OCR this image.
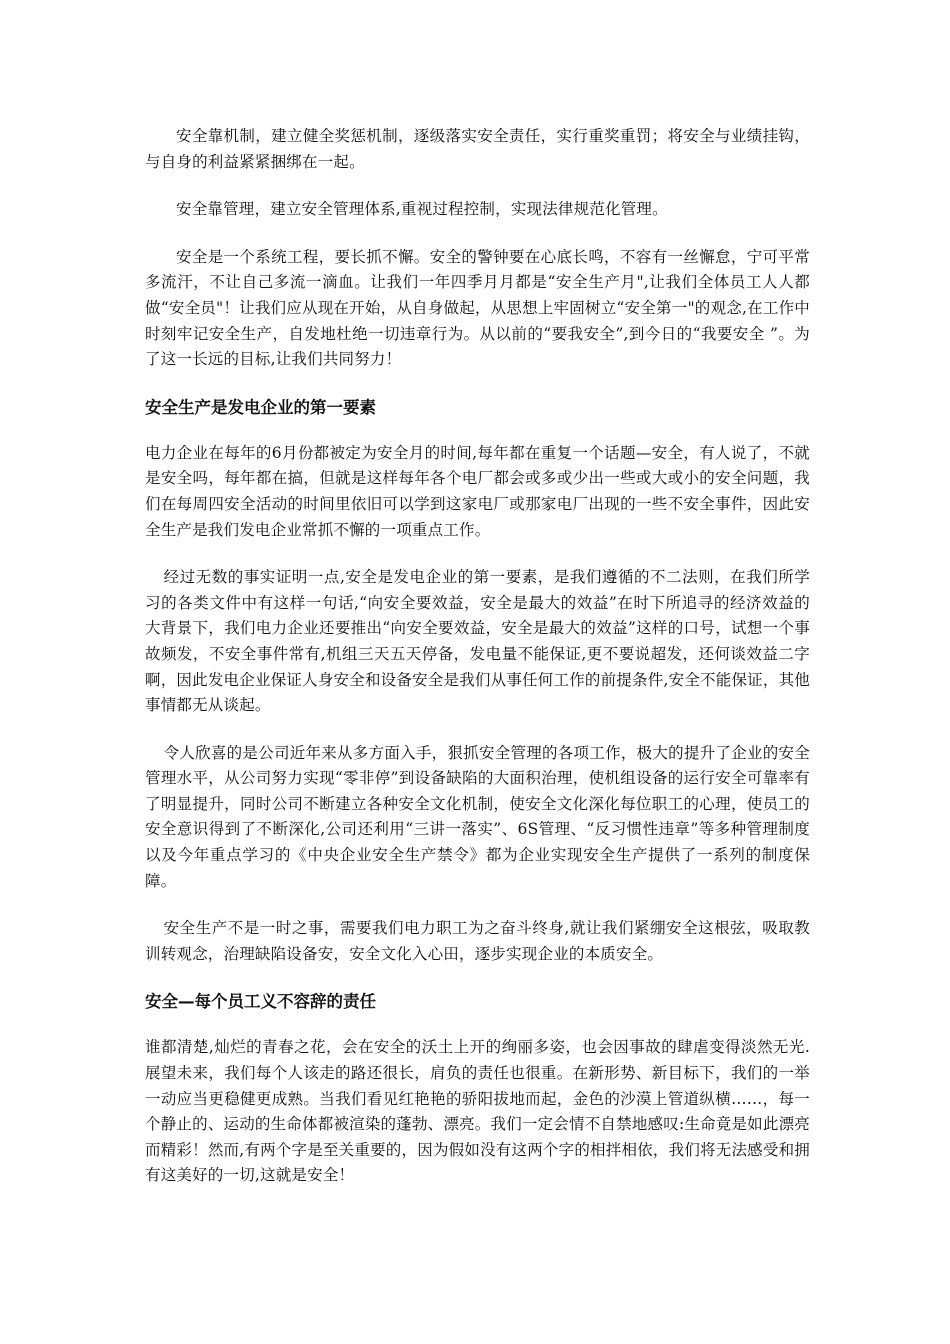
安全靠机制，建立健全奖惩机制，逐级落实安全责任，实行重奖重罚；将安全与业绩挂钩，与自身的利益紧紧捆绑在一起。

安全靠管理，建立安全管理体系,重视过程控制，实现法律规范化管理。

安全是一个系统工程，要长抓不懈。安全的警钟要在心底长鸣，不容有一丝懈怠，宁可平常多流汗，不让自己多流一滴血。让我们一年四季月月都是“安全生产月",让我们全体员工人人都做“安全员"！让我们应从现在开始，从自身做起，从思想上牢固树立“安全第一"的观念,在工作中时刻牢记安全生产，自发地杜绝一切违章行为。从以前的“要我安全”,到今日的“我要安全 ”。为了这一长远的目标,让我们共同努力！

安全生产是发电企业的第一要素

电力企业在每年的6月份都被定为安全月的时间,每年都在重复一个话题—安全，有人说了，不就是安全吗，每年都在搞，但就是这样每年各个电厂都会或多或少出一些或大或小的安全问题，我们在每周四安全活动的时间里依旧可以学到这家电厂或那家电厂出现的一些不安全事件，因此安全生产是我们发电企业常抓不懈的一项重点工作。

经过无数的事实证明一点,安全是发电企业的第一要素，是我们遵循的不二法则，在我们所学习的各类文件中有这样一句话,“向安全要效益，安全是最大的效益”在时下所追寻的经济效益的大背景下，我们电力企业还要推出“向安全要效益，安全是最大的效益”这样的口号，试想一个事故频发，不安全事件常有,机组三天五天停备，发电量不能保证,更不要说超发，还何谈效益二字啊，因此发电企业保证人身安全和设备安全是我们从事任何工作的前提条件,安全不能保证，其他事情都无从谈起。

令人欣喜的是公司近年来从多方面入手，狠抓安全管理的各项工作，极大的提升了企业的安全管理水平，从公司努力实现“零非停”到设备缺陷的大面积治理，使机组设备的运行安全可靠率有了明显提升，同时公司不断建立各种安全文化机制，使安全文化深化每位职工的心理，使员工的安全意识得到了不断深化,公司还利用“三讲一落实”、6S管理、“反习惯性违章”等多种管理制度以及今年重点学习的《中央企业安全生产禁令》都为企业实现安全生产提供了一系列的制度保障。

安全生产不是一时之事，需要我们电力职工为之奋斗终身,就让我们紧绷安全这根弦，吸取教训转观念，治理缺陷设备安，安全文化入心田，逐步实现企业的本质安全。

安全—每个员工义不容辞的责任

谁都清楚,灿烂的青春之花，会在安全的沃土上开的绚丽多姿，也会因事故的肆虐变得淡然无光.展望未来，我们每个人该走的路还很长，肩负的责任也很重。在新形势、新目标下，我们的一举一动应当更稳健更成熟。当我们看见红艳艳的骄阳拔地而起，金色的沙漠上管道纵横……，每一个静止的、运动的生命体都被渲染的蓬勃、漂亮。我们一定会情不自禁地感叹:生命竟是如此漂亮而精彩！然而,有两个字是至关重要的，因为假如没有这两个字的相拌相依，我们将无法感受和拥有这美好的一切,这就是安全！
